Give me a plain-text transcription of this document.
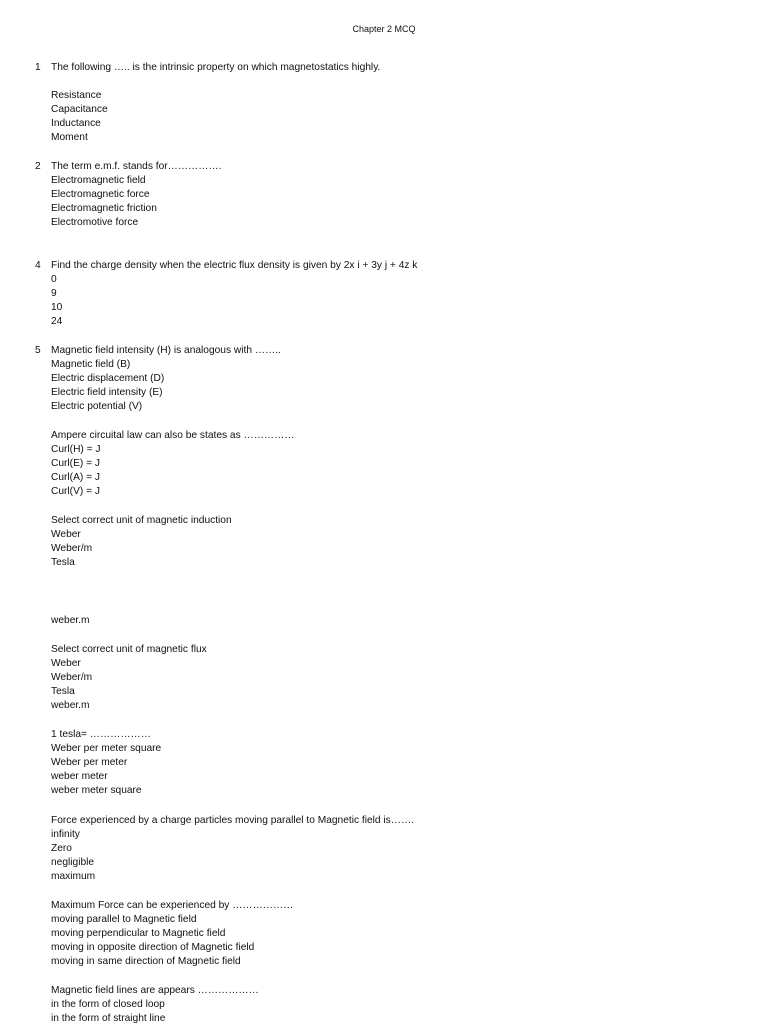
Chapter 2 MCQ
1 The following ….. is the intrinsic property on which magnetostatics highly.
Resistance
Capacitance
Inductance
Moment
2 The term e.m.f. stands for…………….
Electromagnetic field
Electromagnetic force
Electromagnetic friction
Electromotive force
4 Find the charge density when the electric flux density is given by 2x i + 3y j + 4z k
0
9
10
24
5 Magnetic field intensity (H) is analogous with ……..
Magnetic field (B)
Electric displacement (D)
Electric field intensity (E)
Electric potential (V)
Ampere circuital law can also be states as ……………
Curl(H) = J
Curl(E) = J
Curl(A) = J
Curl(V) = J
Select correct unit of magnetic induction
Weber
Weber/m
Tesla
weber.m
Select correct unit of magnetic flux
Weber
Weber/m
Tesla
weber.m
1 tesla= ………………
Weber per meter square
Weber per meter
weber meter
weber meter square
Force experienced by a charge particles moving parallel to Magnetic field is…….
infinity
Zero
negligible
maximum
Maximum Force can be experienced by ………………
moving parallel to Magnetic field
moving perpendicular to Magnetic field
moving in opposite direction of Magnetic field
moving in same direction of Magnetic field
Magnetic field lines are appears ………………
in the form of closed loop
in the form of straight line
